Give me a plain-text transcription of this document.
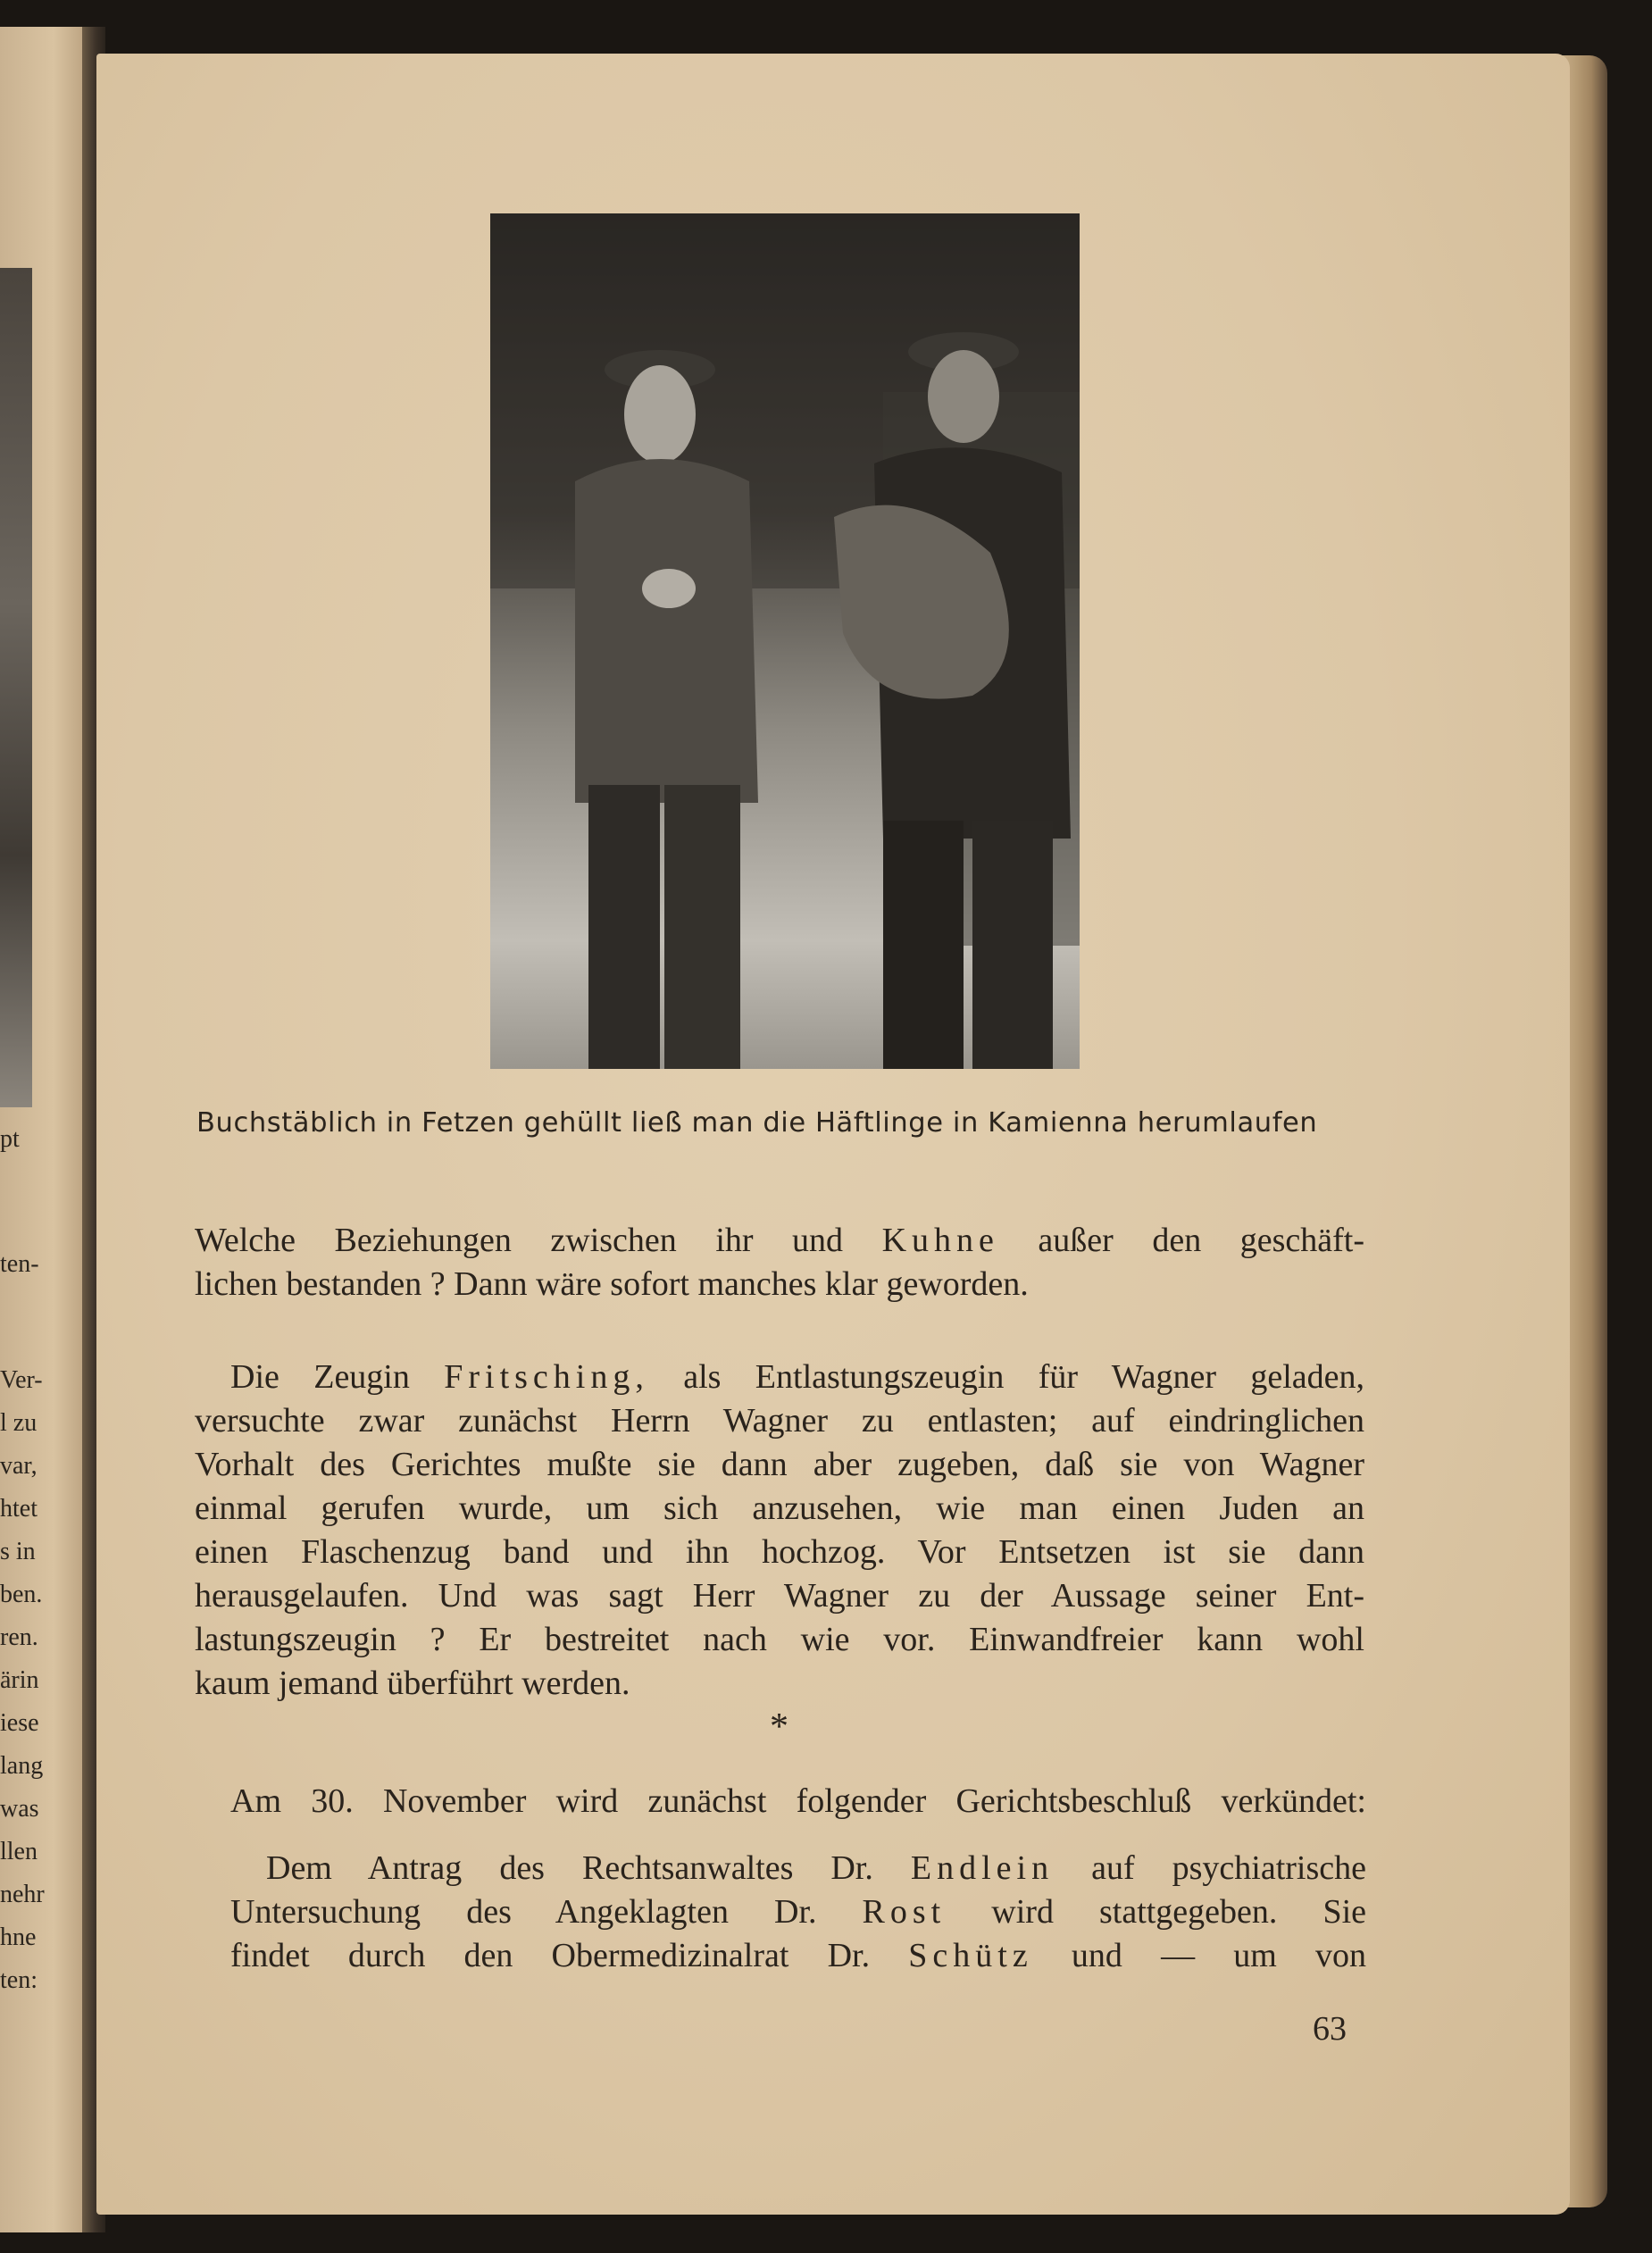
pt
ten-
Ver-
l zu
var,
htet
s in
ben.
ren.
ärin
iese
lang
was
llen
nehr
hne
ten:
Buchstäblich in Fetzen gehüllt ließ man die Häftlinge in Kamienna herumlaufen
Welche Beziehungen zwischen ihr und Kuhne außer den geschäft-
lichen bestanden ? Dann wäre sofort manches klar geworden.
Die Zeugin Fritsching, als Entlastungszeugin für Wagner geladen,
versuchte zwar zunächst Herrn Wagner zu entlasten; auf eindringlichen
Vorhalt des Gerichtes mußte sie dann aber zugeben, daß sie von Wagner
einmal gerufen wurde, um sich anzusehen, wie man einen Juden an
einen Flaschenzug band und ihn hochzog. Vor Entsetzen ist sie dann
herausgelaufen. Und was sagt Herr Wagner zu der Aussage seiner Ent-
lastungszeugin ? Er bestreitet nach wie vor. Einwandfreier kann wohl
kaum jemand überführt werden.
*
Am 30. November wird zunächst folgender Gerichtsbeschluß verkündet:
Dem Antrag des Rechtsanwaltes Dr. Endlein auf psychiatrische
Untersuchung des Angeklagten Dr. Rost wird stattgegeben. Sie
findet durch den Obermedizinalrat Dr. Schütz und — um von
63
